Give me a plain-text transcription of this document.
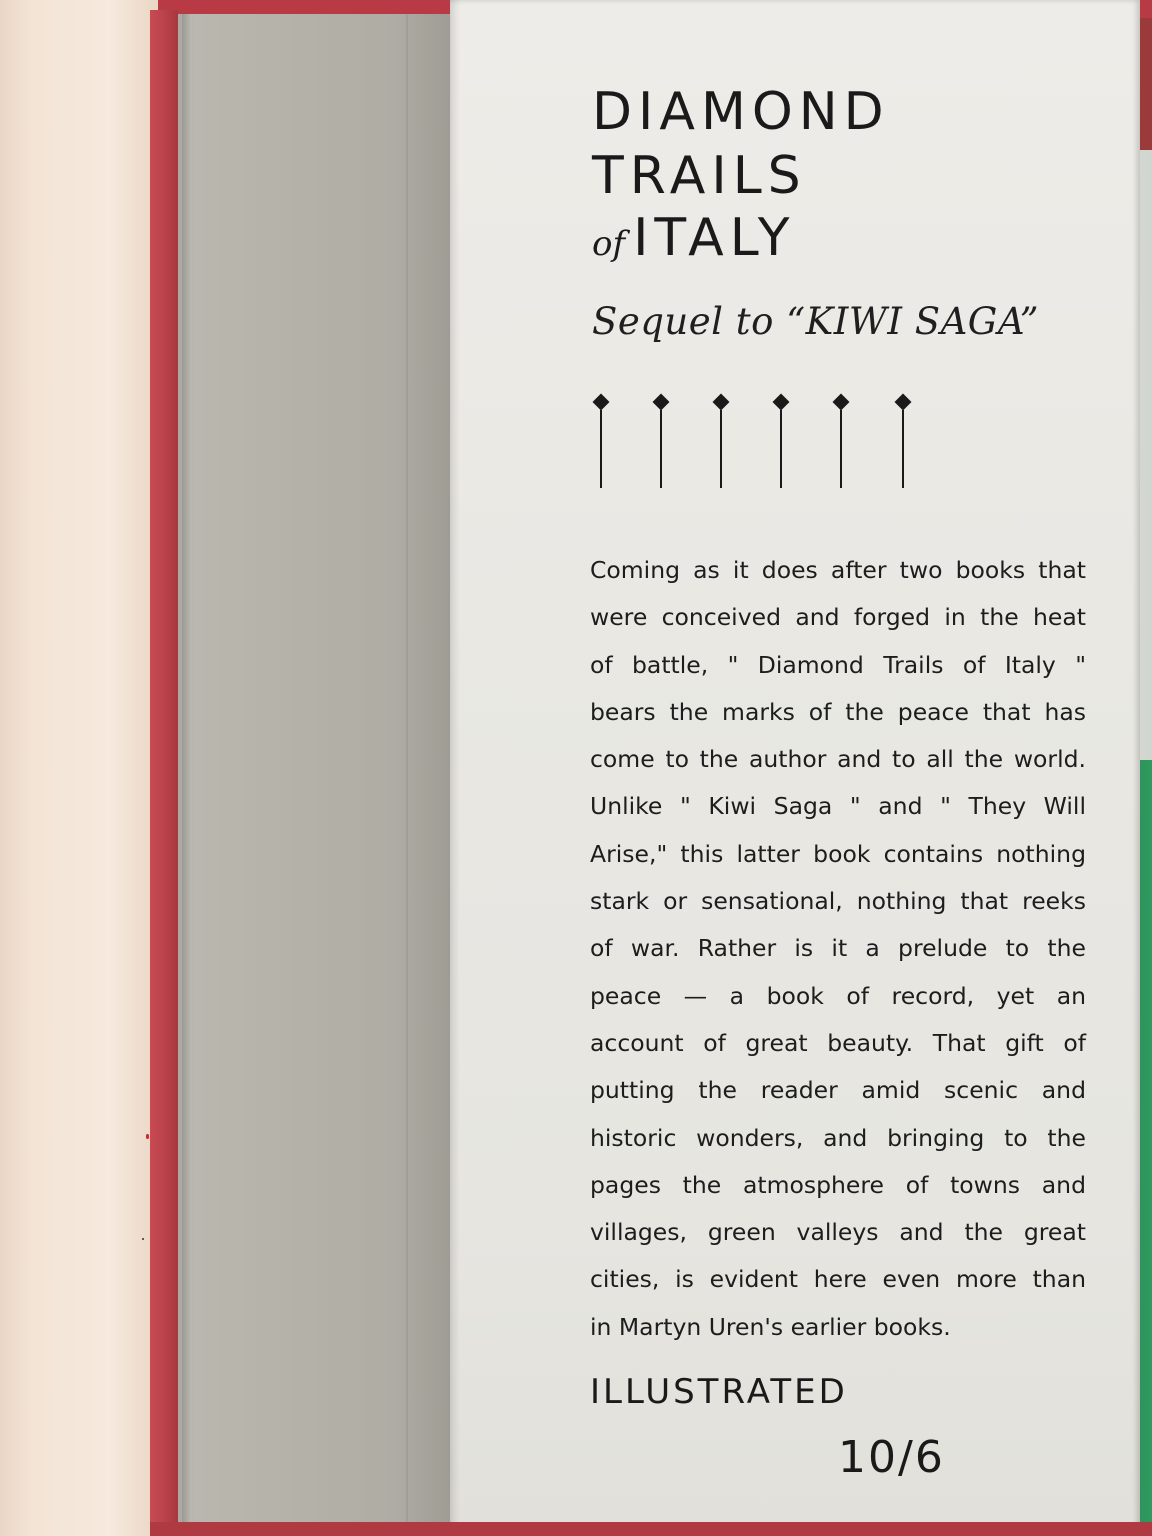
DIAMOND
TRAILS
of ITALY
Sequel to “KIWI SAGA”
Coming as it does after two books that
were conceived and forged in the heat
of battle, " Diamond Trails of Italy "
bears the marks of the peace that has
come to the author and to all the world.
Unlike " Kiwi Saga " and " They Will
Arise," this latter book contains nothing
stark or sensational, nothing that reeks
of war. Rather is it a prelude to the
peace — a book of record, yet an
account of great beauty. That gift of
putting the reader amid scenic and
historic wonders, and bringing to the
pages the atmosphere of towns and
villages, green valleys and the great
cities, is evident here even more than
in Martyn Uren's earlier books.
ILLUSTRATED
10/6
